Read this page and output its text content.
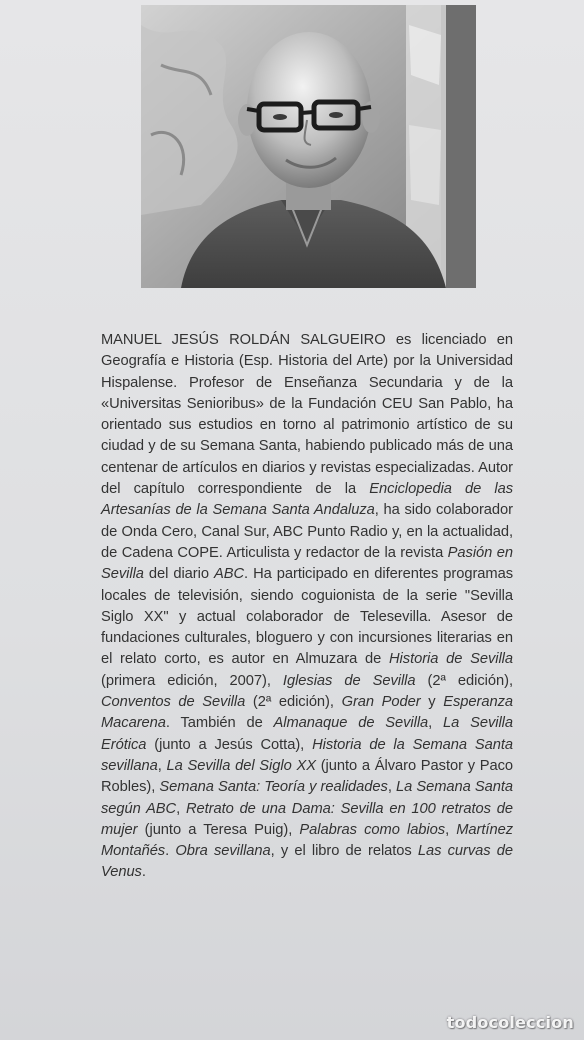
MANUEL JESÚS ROLDÁN SALGUEIRO es licenciado en Geografía e Historia (Esp. Historia del Arte) por la Universidad Hispalense. Profesor de Enseñanza Secundaria y de la «Universitas Senioribus» de la Fundación CEU San Pablo, ha orientado sus estudios en torno al patrimonio artístico de su ciudad y de su Semana Santa, habiendo publicado más de una centenar de artículos en diarios y revistas especializadas. Autor del capítulo correspondiente de la Enciclopedia de las Artesanías de la Semana Santa Andaluza, ha sido colaborador de Onda Cero, Canal Sur, ABC Punto Radio y, en la actualidad, de Cadena COPE. Articulista y redactor de la revista Pasión en Sevilla del diario ABC. Ha participado en diferentes programas locales de televisión, siendo coguionista de la serie "Sevilla Siglo XX" y actual colaborador de Telesevilla. Asesor de fundaciones culturales, bloguero y con incursiones literarias en el relato corto, es autor en Almuzara de Historia de Sevilla (primera edición, 2007), Iglesias de Sevilla (2ª edición), Conventos de Sevilla (2ª edición), Gran Poder y Esperanza Macarena. También de Almanaque de Sevilla, La Sevilla Erótica (junto a Jesús Cotta), Historia de la Semana Santa sevillana, La Sevilla del Siglo XX (junto a Álvaro Pastor y Paco Robles), Semana Santa: Teoría y realidades, La Semana Santa según ABC, Retrato de una Dama: Sevilla en 100 retratos de mujer (junto a Teresa Puig), Palabras como labios, Martínez Montañés. Obra sevillana, y el libro de relatos Las curvas de Venus.

todocoleccion
